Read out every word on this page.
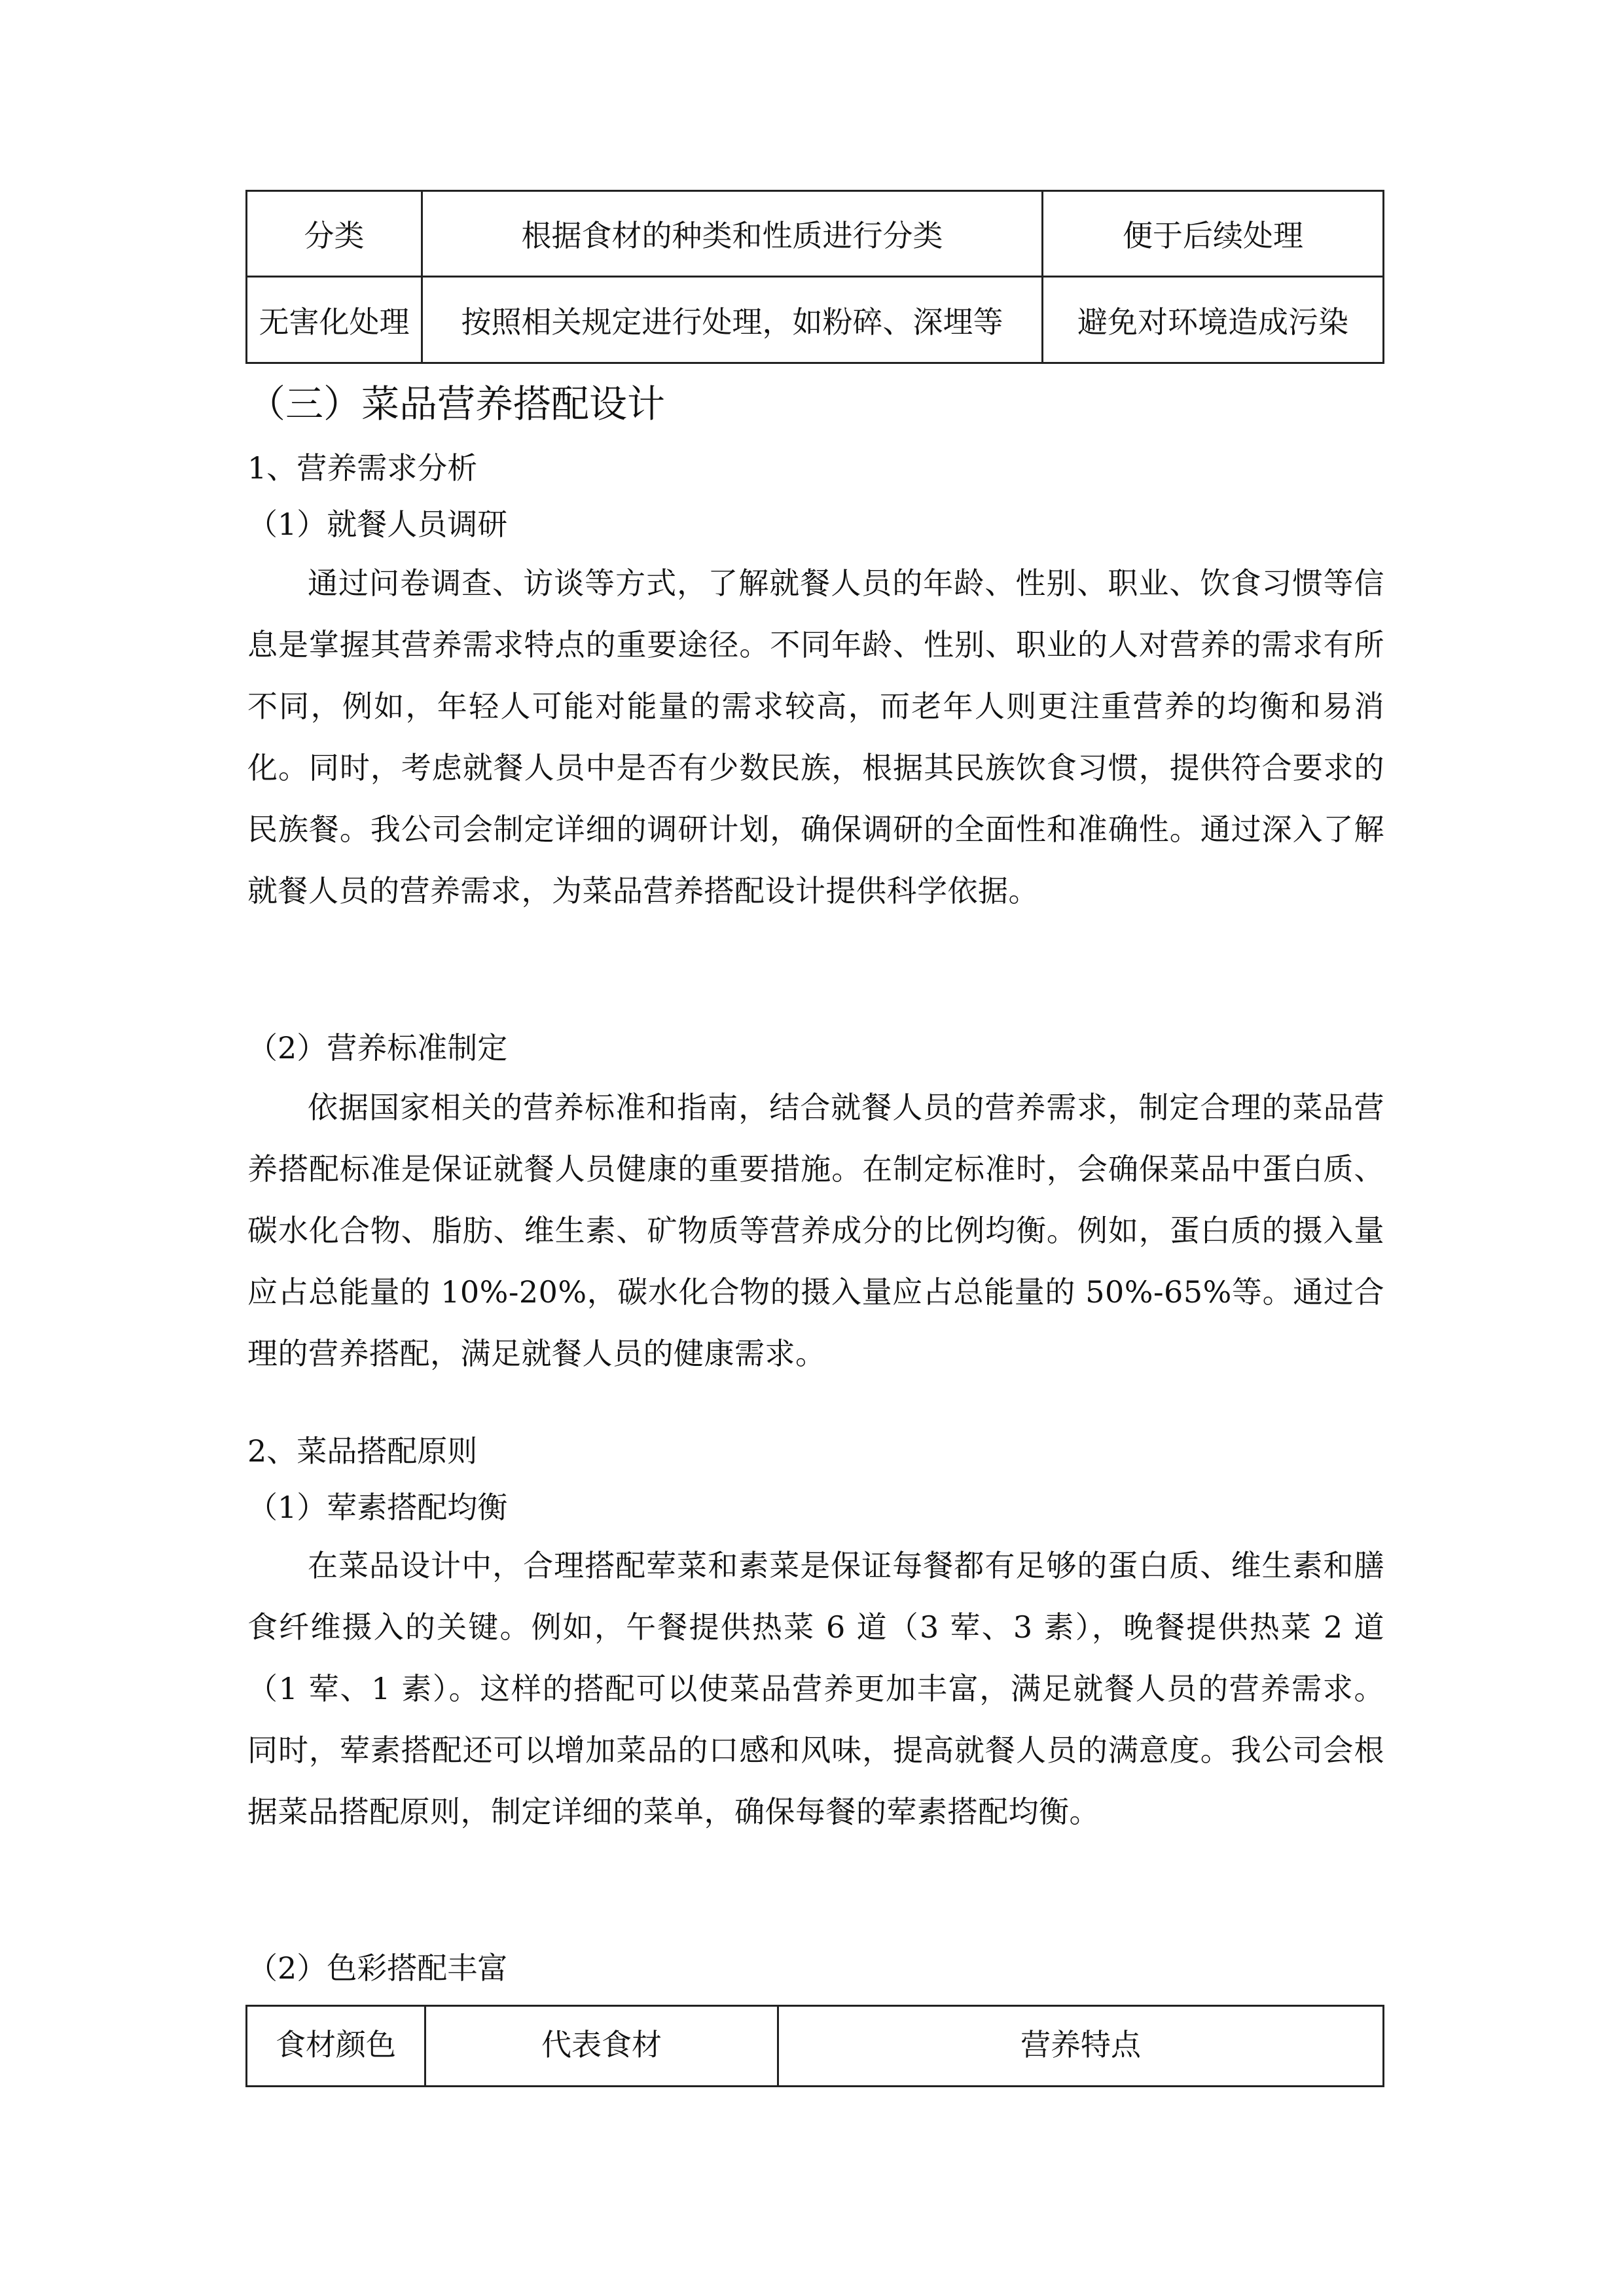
分类	根据食材的种类和性质进行分类	便于后续处理
无害化处理	按照相关规定进行处理，如粉碎、深埋等	避免对环境造成污染
（三）菜品营养搭配设计
1、营养需求分析
（1）就餐人员调研

通过问卷调查、访谈等方式，了解就餐人员的年龄、性别、职业、饮食习惯等信息是掌握其营养需求特点的重要途径。不同年龄、性别、职业的人对营养的需求有所不同，例如，年轻人可能对能量的需求较高，而老年人则更注重营养的均衡和易消化。同时，考虑就餐人员中是否有少数民族，根据其民族饮食习惯，提供符合要求的民族餐。我公司会制定详细的调研计划，确保调研的全面性和准确性。通过深入了解就餐人员的营养需求，为菜品营养搭配设计提供科学依据。

（2）营养标准制定

依据国家相关的营养标准和指南，结合就餐人员的营养需求，制定合理的菜品营养搭配标准是保证就餐人员健康的重要措施。在制定标准时，会确保菜品中蛋白质、碳水化合物、脂肪、维生素、矿物质等营养成分的比例均衡。例如，蛋白质的摄入量应占总能量的 10%-20%，碳水化合物的摄入量应占总能量的 50%-65%等。通过合理的营养搭配，满足就餐人员的健康需求。

2、菜品搭配原则
（1）荤素搭配均衡

在菜品设计中，合理搭配荤菜和素菜是保证每餐都有足够的蛋白质、维生素和膳食纤维摄入的关键。例如，午餐提供热菜 6 道（3 荤、3 素），晚餐提供热菜 2 道（1 荤、1 素）。这样的搭配可以使菜品营养更加丰富，满足就餐人员的营养需求。同时，荤素搭配还可以增加菜品的口感和风味，提高就餐人员的满意度。我公司会根据菜品搭配原则，制定详细的菜单，确保每餐的荤素搭配均衡。

（2）色彩搭配丰富
食材颜色	代表食材	营养特点
